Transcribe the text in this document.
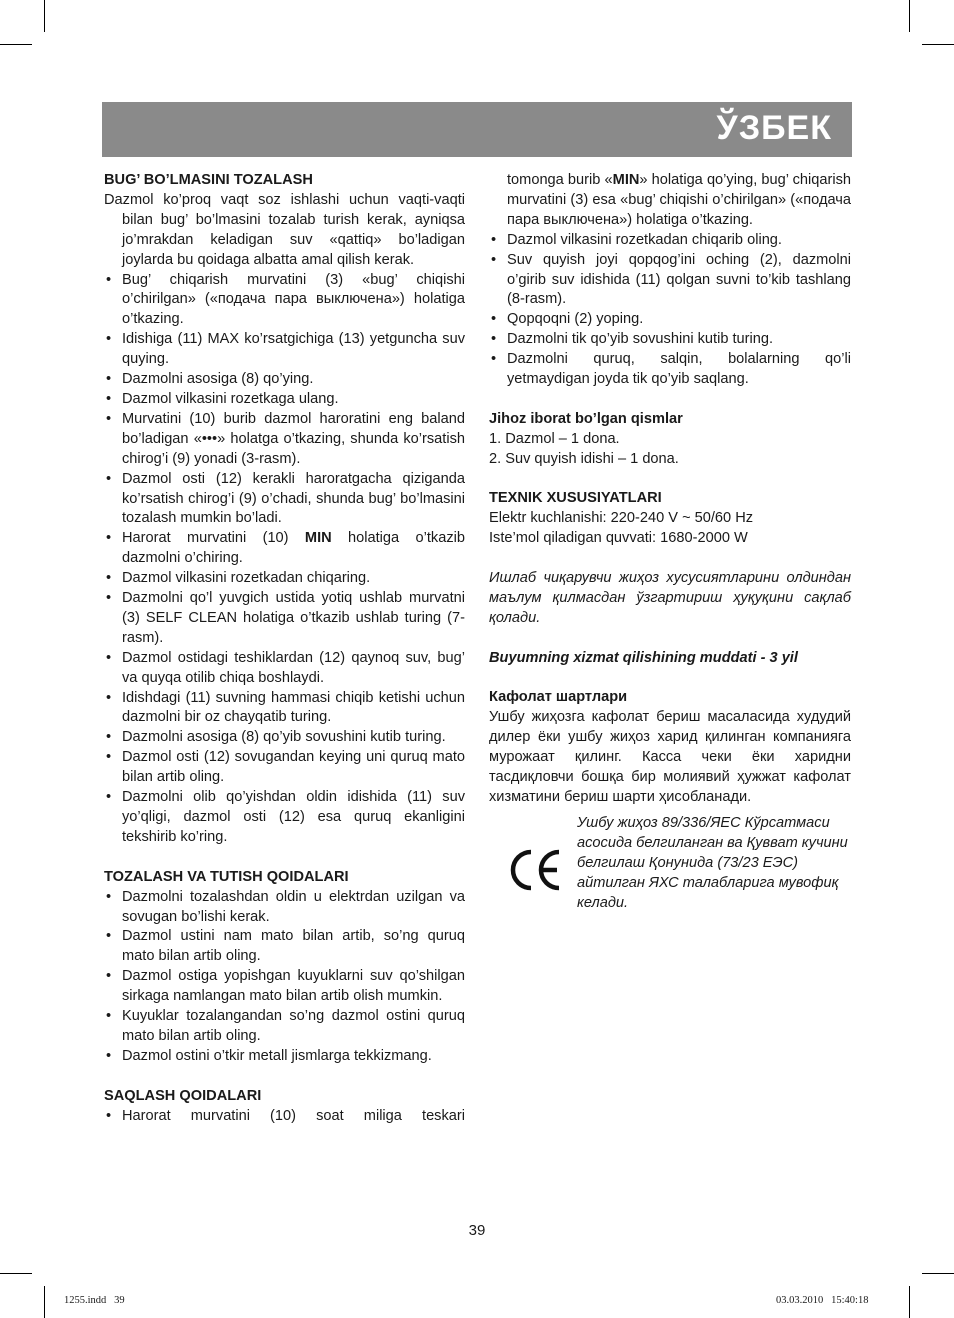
ЎЗБЕК

BUG’ BO’LMASINI TOZALASH

Dazmol ko’proq vaqt soz ishlashi uchun vaqti-vaqti bilan bug’ bo’lmasini tozalab turish kerak, ayniqsa jo’mrakdan keladigan suv «qattiq» bo’ladigan joylarda bu qoidaga albatta amal qilish kerak.

• Bug’ chiqarish murvatini (3) «bug’ chiqishi o’chirilgan» («подача пара выключена») holatiga o’tkazing.
• Idishiga (11) MAX ko’rsatgichiga (13) yetguncha suv quying.
• Dazmolni asosiga (8) qo’ying.
• Dazmol vilkasini rozetkaga ulang.
• Murvatini (10) burib dazmol haroratini eng baland bo’ladigan «•••» holatga o’tkazing, shunda ko’rsatish chirog’i (9) yonadi (3-rasm).
• Dazmol osti (12) kerakli haroratgacha qiziganda ko’rsatish chirog’i (9) o’chadi, shunda bug’ bo’lmasini tozalash mumkin bo’ladi.
• Harorat murvatini (10) MIN holatiga o’tkazib dazmolni o’chiring.
• Dazmol vilkasini rozetkadan chiqaring.
• Dazmolni qo’l yuvgich ustida yotiq ushlab murvatni (3) SELF CLEAN holatiga o’tkazib ushlab turing (7-rasm).
• Dazmol ostidagi teshiklardan (12) qaynoq suv, bug’ va quyqa otilib chiqa boshlaydi.
• Idishdagi (11) suvning hammasi chiqib ketishi uchun dazmolni bir oz chayqatib turing.
• Dazmolni asosiga (8) qo’yib sovushini kutib turing.
• Dazmol osti (12) sovugandan keying uni quruq mato bilan artib oling.
• Dazmolni olib qo’yishdan oldin idishida (11) suv yo’qligi, dazmol osti (12) esa quruq ekanligini tekshirib ko’ring.

TOZALASH VA TUTISH QOIDALARI

• Dazmolni tozalashdan oldin u elektrdan uzilgan va sovugan bo’lishi kerak.
• Dazmol ustini nam mato bilan artib, so’ng quruq mato bilan artib oling.
• Dazmol ostiga yopishgan kuyuklarni suv qo’shilgan sirkaga namlangan mato bilan artib olish mumkin.
• Kuyuklar tozalangandan so’ng dazmol ostini quruq mato bilan artib oling.
• Dazmol ostini o’tkir metall jismlarga tekkizmang.

SAQLASH QOIDALARI

• Harorat murvatini (10) soat miliga teskari
tomonga burib «MIN» holatiga qo’ying, bug’ chiqarish murvatini (3) esa «bug’ chiqishi o’chirilgan» («подача пара выключена») holatiga o’tkazing.
• Dazmol vilkasini rozetkadan chiqarib oling.
• Suv quyish joyi qopqog’ini oching (2), dazmolni o’girib suv idishida (11) qolgan suvni to’kib tashlang (8-rasm).
• Qopqoqni (2) yoping.
• Dazmolni tik qo’yib sovushini kutib turing.
• Dazmolni quruq, salqin, bolalarning qo’li yetmaydigan joyda tik qo’yib saqlang.

Jihoz iborat bo’lgan qismlar

1. Dazmol – 1 dona.

2. Suv quyish idishi – 1 dona.

TEXNIK XUSUSIYATLARI

Elektr kuchlanishi: 220-240 V ~ 50/60 Hz

Iste’mol qiladigan quvvati: 1680-2000 W

Ишлаб чиқарувчи жиҳоз хусусиятларини олдиндан маълум қилмасдан ўзгартириш ҳуқуқини сақлаб қолади.

Buyumning xizmat qilishining muddati - 3 yil

Кафолат шартлари

Ушбу жиҳозга кафолат бериш масаласида худудий дилер ёки ушбу жиҳоз харид қилинган компанияга мурожаат қилинг. Касса чеки ёки харидни тасдиқловчи бошқа бир молиявий ҳужжат кафолат хизматини бериш шарти ҳисобланади.

Ушбу жиҳоз 89/336/ЯЕС Кўрсатмаси асосида белгиланган ва Қувват кучини белгилаш Қонунида (73/23 ЕЭС) айтилган ЯХС талабларига мувофиқ келади.
39
1255.indd   39	03.03.2010   15:40:18
